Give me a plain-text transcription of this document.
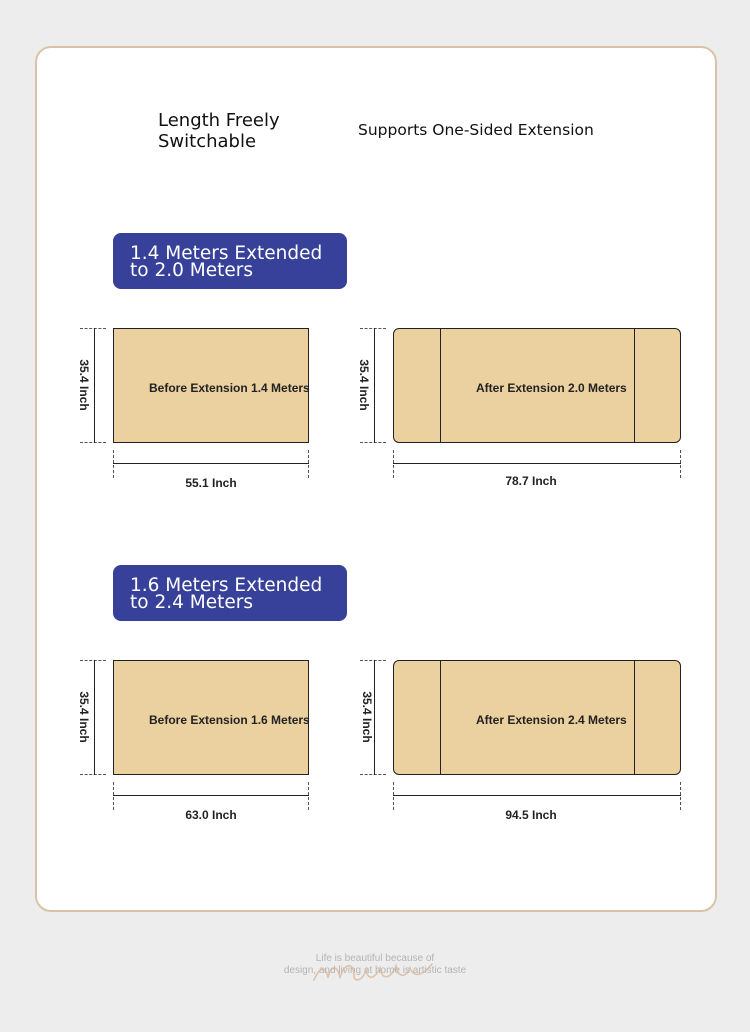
Length Freely Switchable
Supports One-Sided Extension
1.4 Meters Extended
to 2.0 Meters
35.4 Inch	Before Extension 1.4 Meters
55.1 Inch
35.4 Inch	After Extension 2.0 Meters
78.7 Inch
1.6 Meters Extended
to 2.4 Meters
35.4 Inch	Before Extension 1.6 Meters
63.0 Inch
35.4 Inch	After Extension 2.4 Meters
94.5 Inch
Life is beautiful because of
design, and living at home is artistic taste
